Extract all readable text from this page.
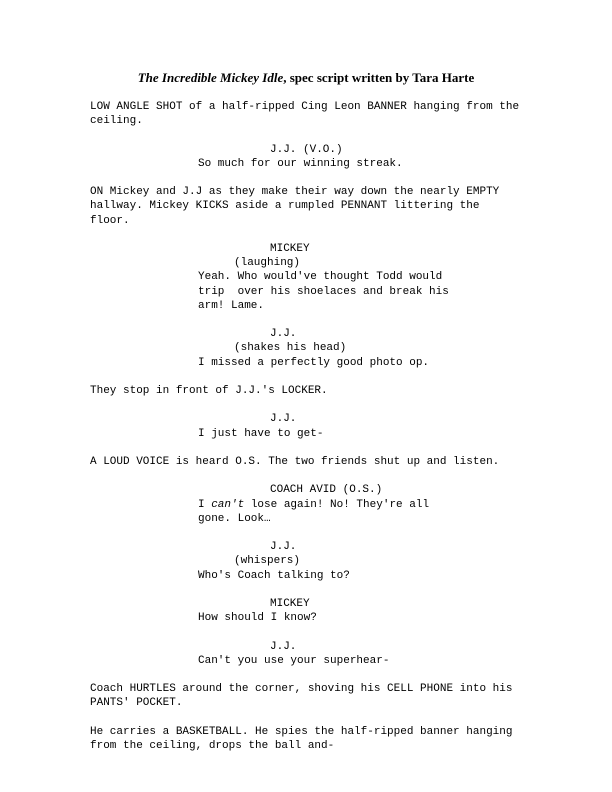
The Incredible Mickey Idle, spec script written by Tara Harte
LOW ANGLE SHOT of a half-ripped Cing Leon BANNER hanging from the
ceiling.
J.J. (V.O.)
So much for our winning streak.
ON Mickey and J.J as they make their way down the nearly EMPTY
hallway. Mickey KICKS aside a rumpled PENNANT littering the
floor.
MICKEY
(laughing)
Yeah. Who would've thought Todd would
trip  over his shoelaces and break his
arm! Lame.
J.J.
(shakes his head)
I missed a perfectly good photo op.
They stop in front of J.J.'s LOCKER.
J.J.
I just have to get-
A LOUD VOICE is heard O.S. The two friends shut up and listen.
COACH AVID (O.S.)
I can't lose again! No! They're all
gone. Look…
J.J.
(whispers)
Who's Coach talking to?
MICKEY
How should I know?
J.J.
Can't you use your superhear-
Coach HURTLES around the corner, shoving his CELL PHONE into his
PANTS' POCKET.
He carries a BASKETBALL. He spies the half-ripped banner hanging
from the ceiling, drops the ball and-
